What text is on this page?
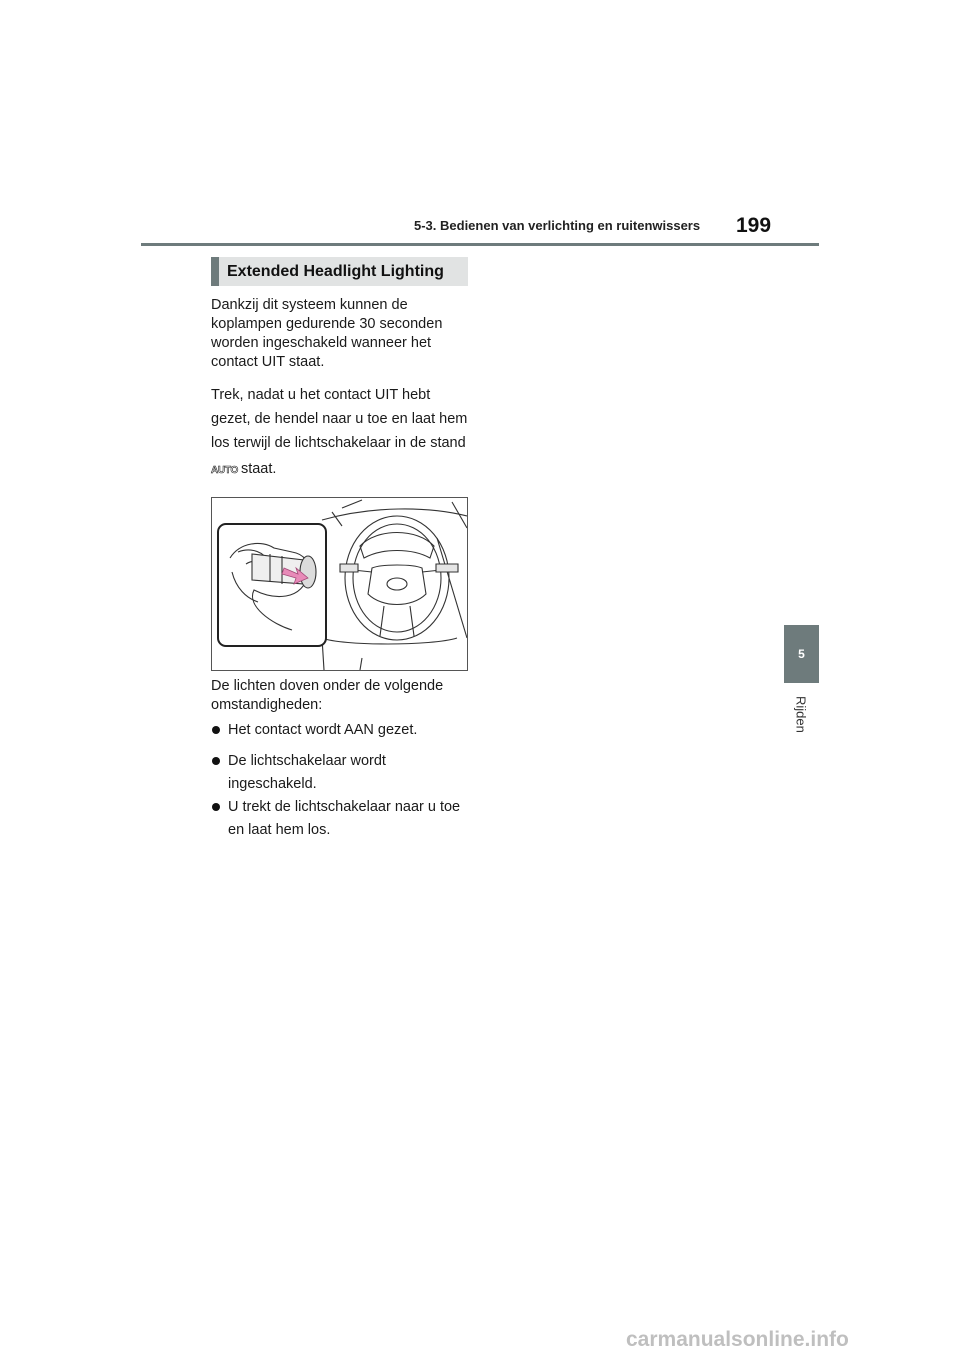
5-3. Bedienen van verlichting en ruitenwissers 199
5
Rijden
Extended Headlight Lighting

Dankzij dit systeem kunnen de koplampen gedurende 30 seconden worden ingeschakeld wanneer het contact UIT staat.

Trek, nadat u het contact UIT hebt gezet, de hendel naar u toe en laat hem los terwijl de lichtschakelaar in de stand

AUTO staat.

De lichten doven onder de volgende omstandigheden:

Het contact wordt AAN gezet.
De lichtschakelaar wordt ingeschakeld.
U trekt de lichtschakelaar naar u toe en laat hem los.
carmanualsonline.info
